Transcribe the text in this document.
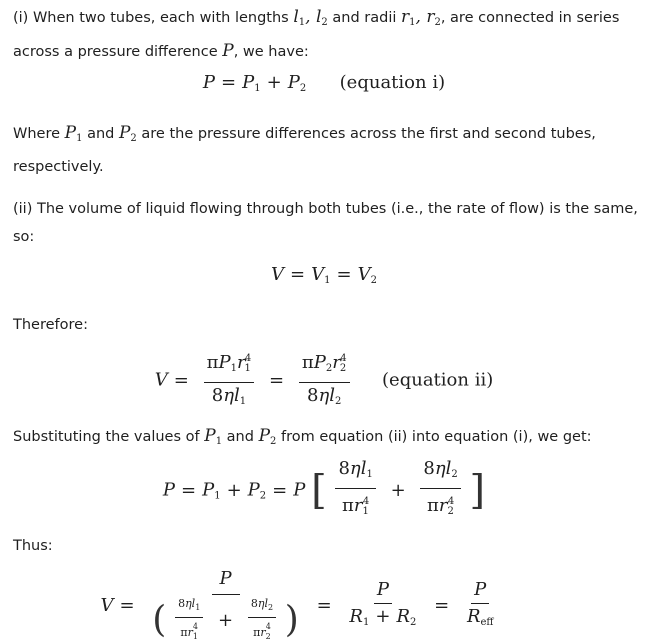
(i) When two tubes, each with lengths $l_1$, $l_2$ and radii $r_1$, $r_2$, are connected in series across a pressure difference P, we have:

$P = P_1 + P_2$ (equation i)

Where $P_1$ and $P_2$ are the pressure differences across the first and second tubes, respectively.

(ii) The volume of liquid flowing through both tubes (i.e., the rate of flow) is the same, so:

$V = V_1 = V_2$

Therefore:

$V = \frac{\pi P_1r_1^4}{8\eta l_1} = \frac{\pi P_2r_2^4}{8\eta l_2}$ (equation ii)

Substituting the values of $P_1$ and $P_2$ from equation (ii) into equation (i), we get:

$P = P_1 + P_2 = P$ [ $\frac{8\eta l_1}{\pi r_1^4} + \frac{8\eta l_2}{\pi r_2^4}$ ]

Thus:

V =
P
( $\frac{8\eta l_1}{\pi r_1^4} + \frac{8\eta l_2}{\pi r_2^4}$ ) = $\frac{P}{R_1 + R_2} = \frac{P}{R_{eff}}$
